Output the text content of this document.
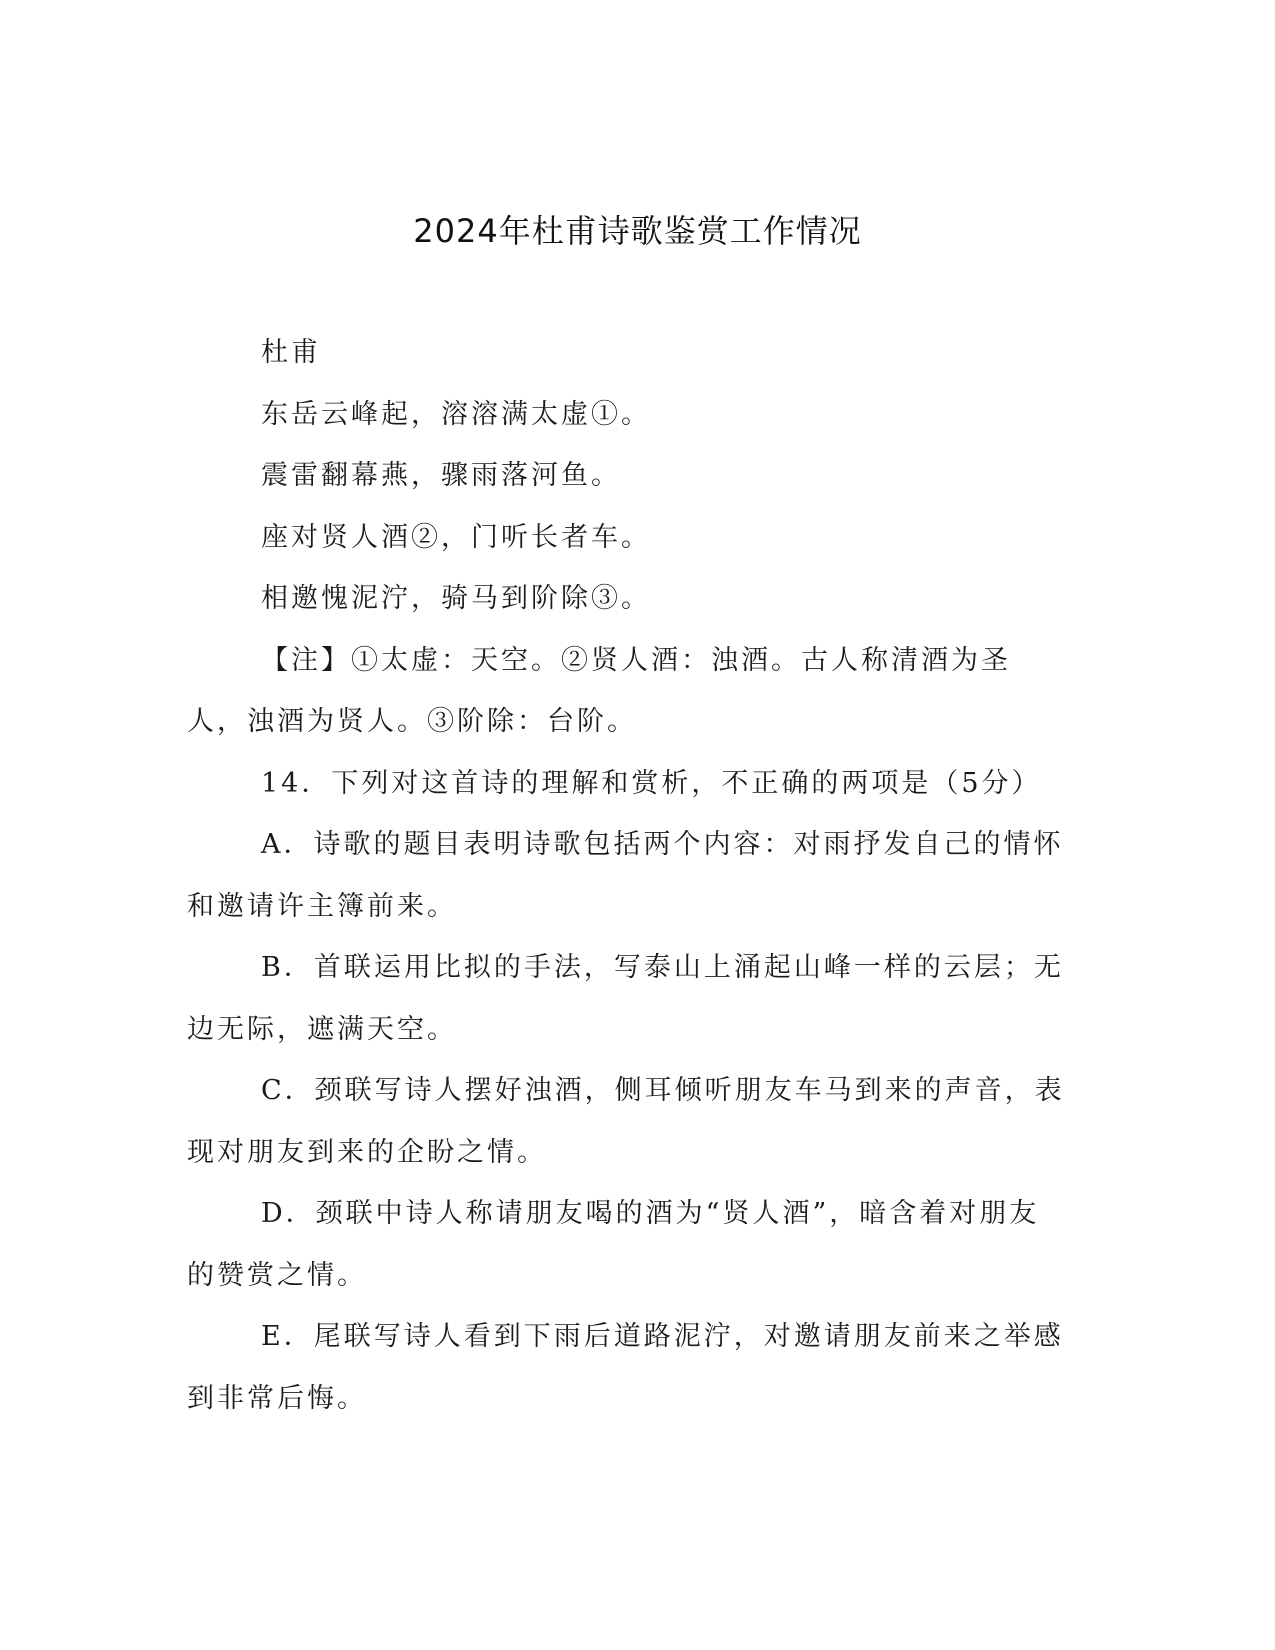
2024年杜甫诗歌鉴赏工作情况

杜甫

东岳云峰起，溶溶满太虚①。

震雷翻幕燕，骤雨落河鱼。

座对贤人酒②，门听长者车。

相邀愧泥泞，骑马到阶除③。

【注】①太虚：天空。②贤人酒：浊酒。古人称清酒为圣人，浊酒为贤人。③阶除：台阶。

14．下列对这首诗的理解和赏析，不正确的两项是（5分）

A．诗歌的题目表明诗歌包括两个内容：对雨抒发自己的情怀和邀请许主簿前来。

B．首联运用比拟的手法，写泰山上涌起山峰一样的云层；无边无际，遮满天空。

C．颈联写诗人摆好浊酒，侧耳倾听朋友车马到来的声音，表现对朋友到来的企盼之情。

D．颈联中诗人称请朋友喝的酒为“贤人酒”，暗含着对朋友的赞赏之情。

E．尾联写诗人看到下雨后道路泥泞，对邀请朋友前来之举感到非常后悔。
